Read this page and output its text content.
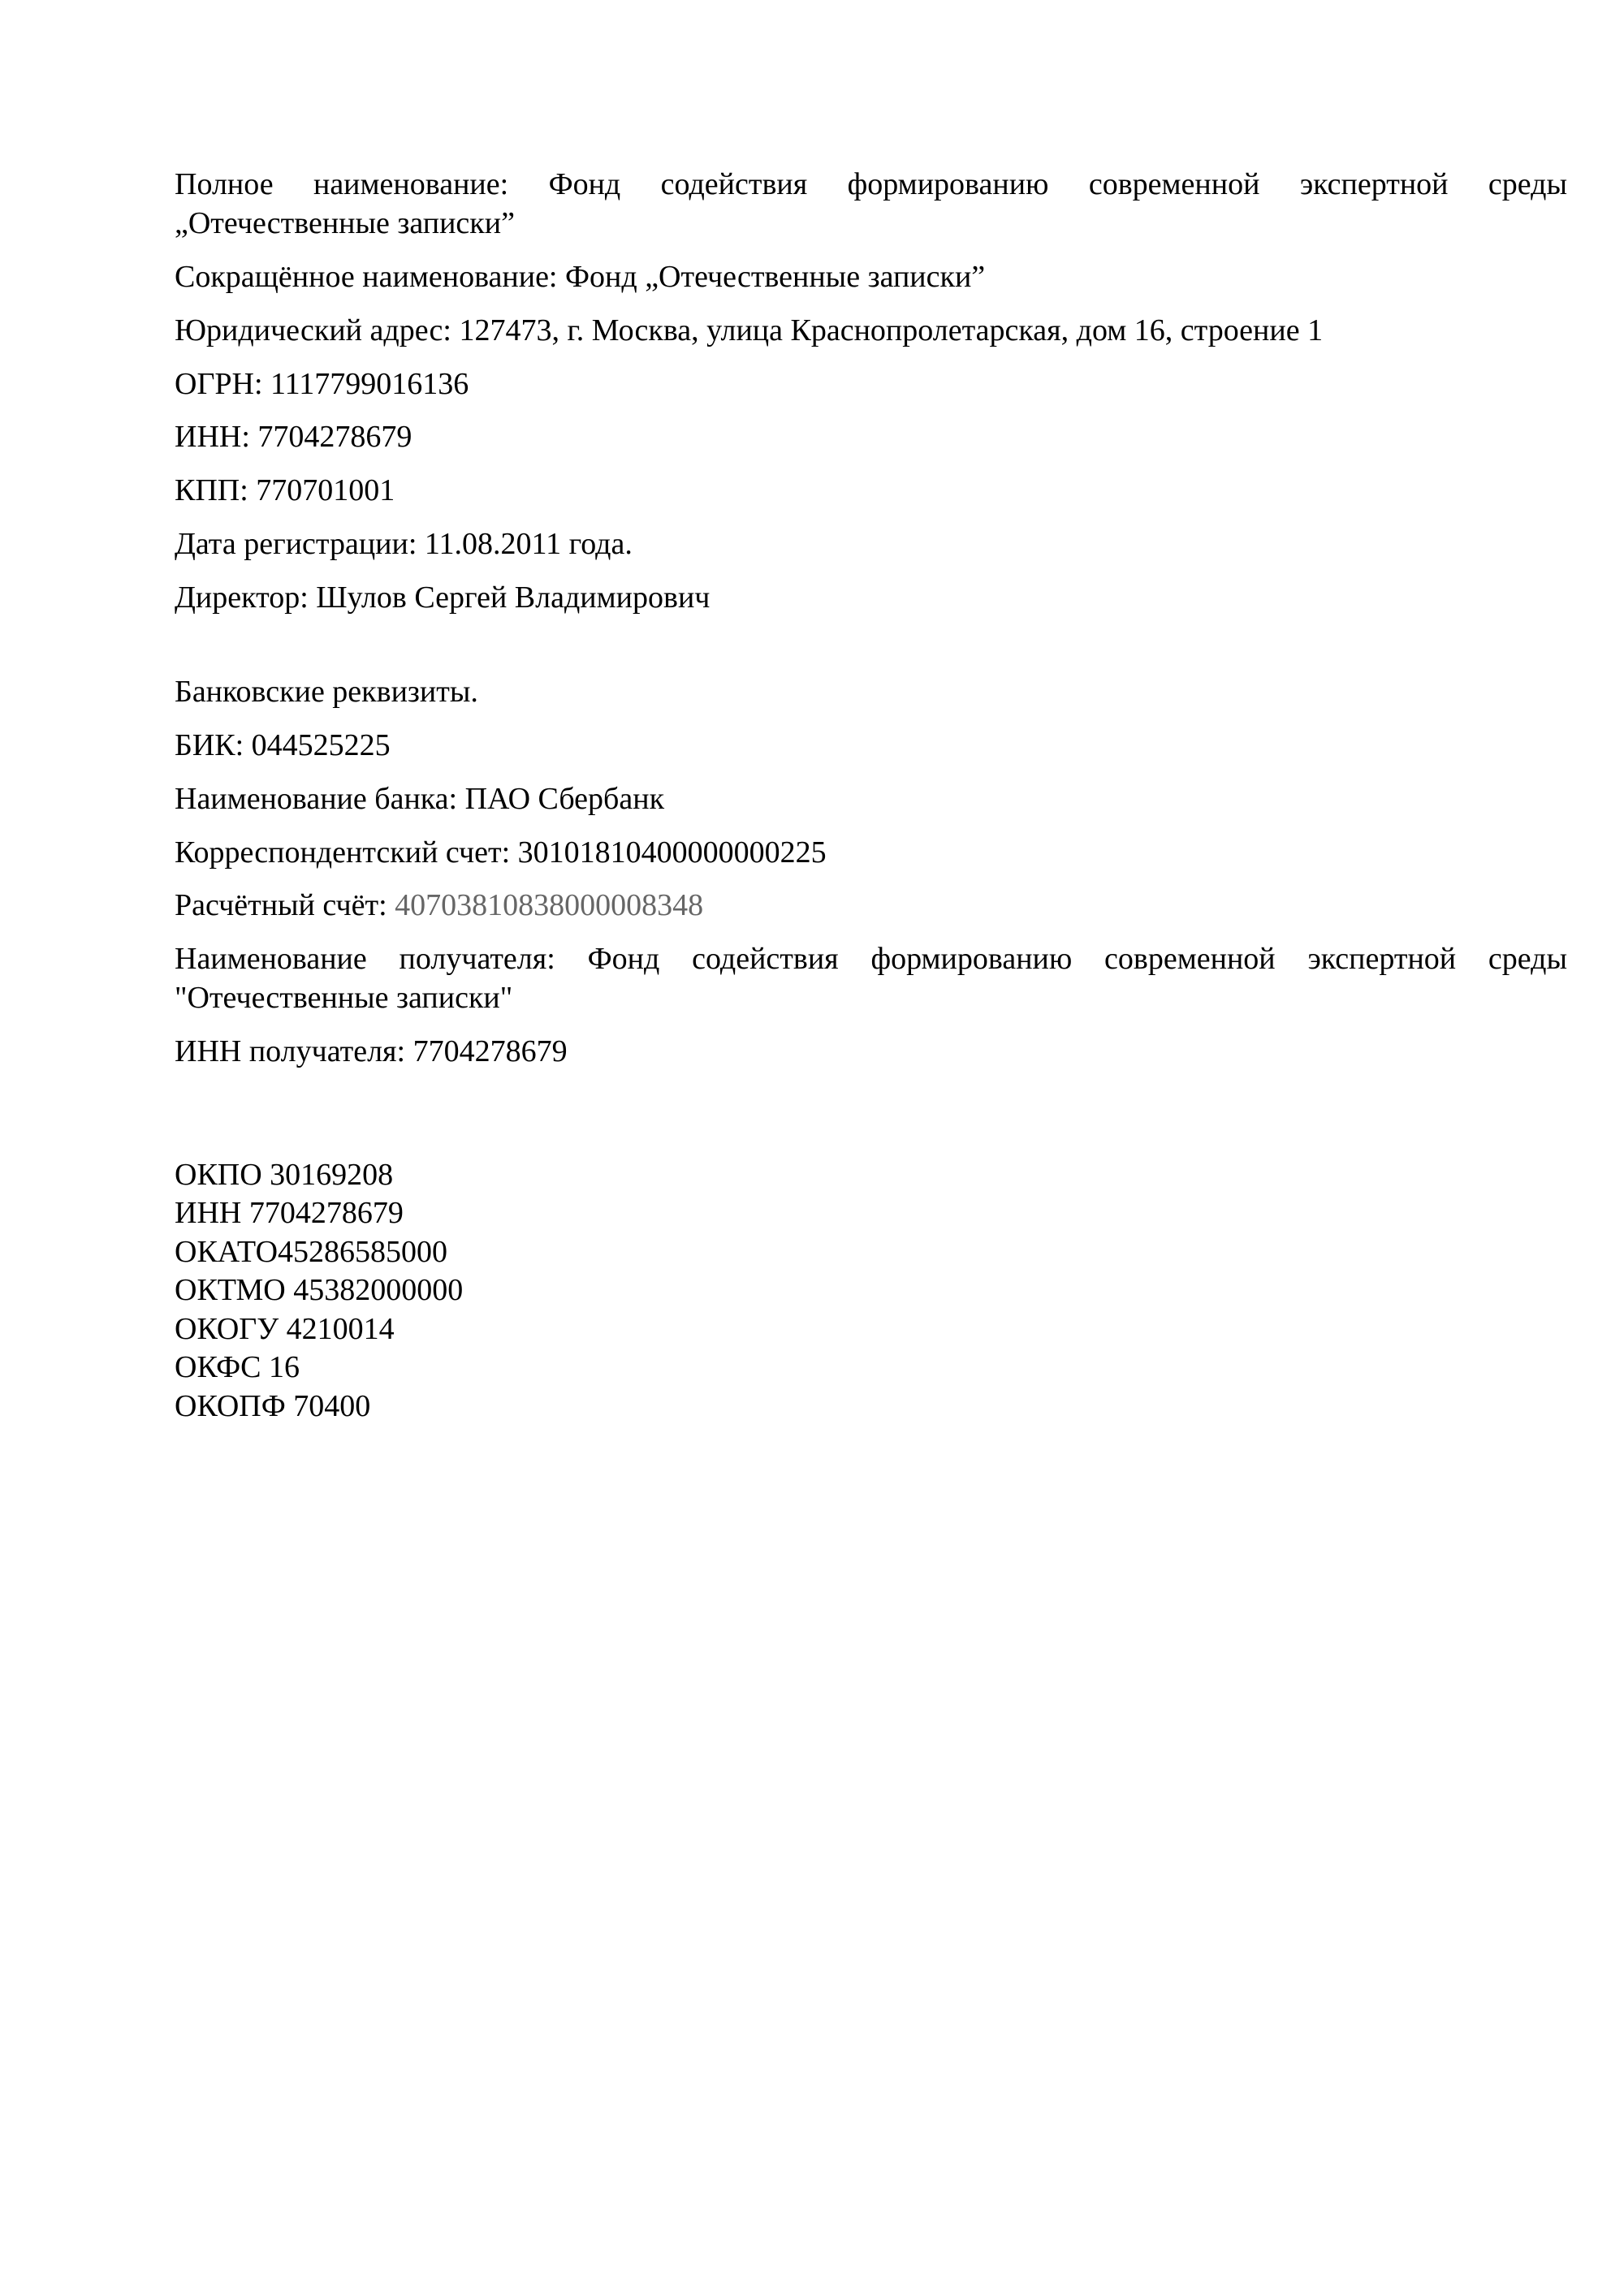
Полное наименование: Фонд содействия формированию современной экспертной среды
„Отечественные записки”
Сокращённое наименование: Фонд „Отечественные записки”
Юридический адрес: 127473, г. Москва, улица Краснопролетарская, дом 16, строение 1
ОГРН: 1117799016136
ИНН: 7704278679
КПП: 770701001
Дата регистрации: 11.08.2011 года.
Директор: Шулов Сергей Владимирович
Банковские реквизиты.
БИК: 044525225
Наименование банка: ПАО Сбербанк
Корреспондентский счет: 30101810400000000225
Расчётный счёт: 40703810838000008348
Наименование получателя: Фонд содействия формированию современной экспертной среды
"Отечественные записки"
ИНН получателя: 7704278679
ОКПО 30169208
ИНН 7704278679
ОКАТО45286585000
ОКТМО 45382000000
ОКОГУ 4210014
ОКФС 16
ОКОПФ 70400
